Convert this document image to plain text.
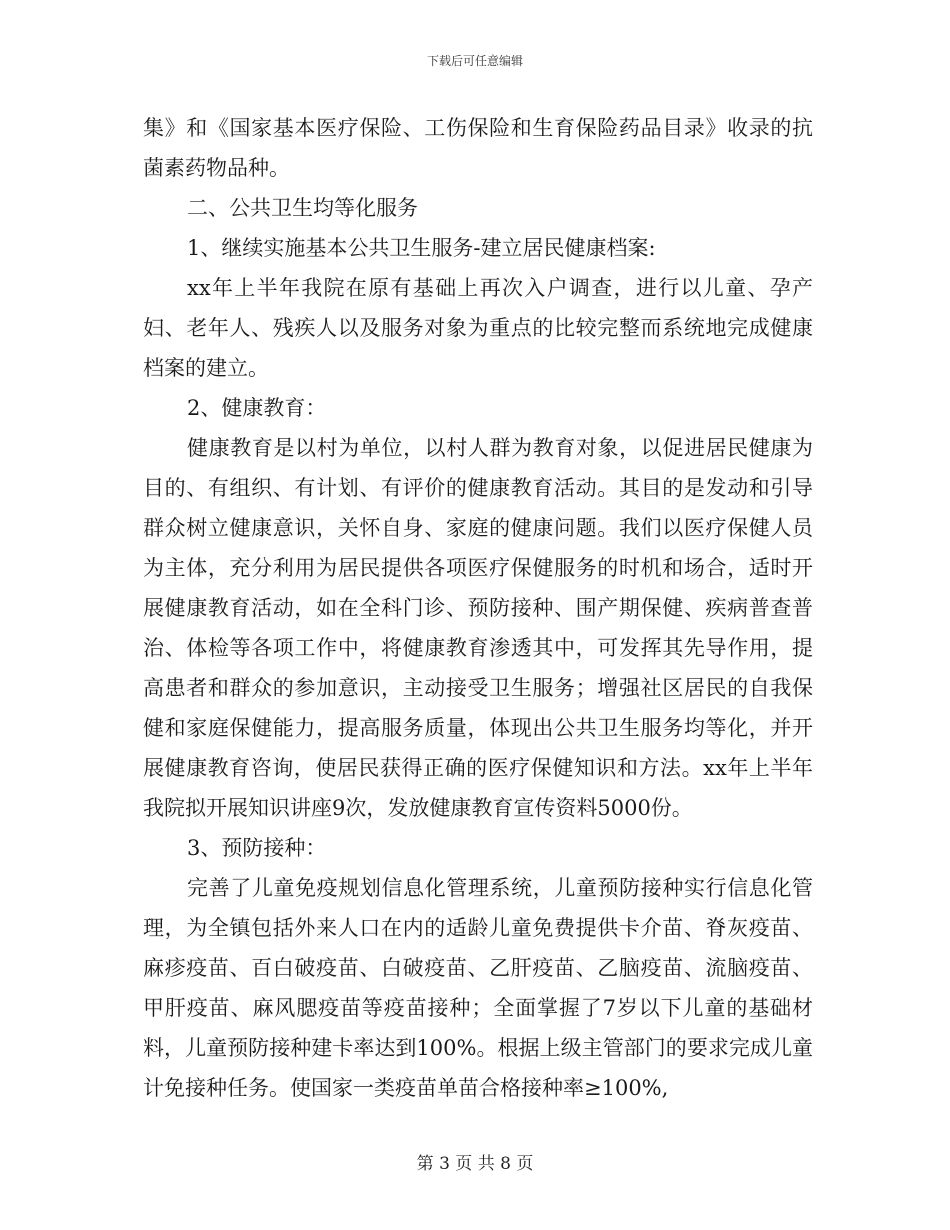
下载后可任意编辑

集》和《国家基本医疗保险、工伤保险和生育保险药品目录》收录的抗菌素药物品种。

二、公共卫生均等化服务

1、继续实施基本公共卫生服务-建立居民健康档案:

xx年上半年我院在原有基础上再次入户调查，进行以儿童、孕产妇、老年人、残疾人以及服务对象为重点的比较完整而系统地完成健康档案的建立。

2、健康教育：

健康教育是以村为单位，以村人群为教育对象，以促进居民健康为目的、有组织、有计划、有评价的健康教育活动。其目的是发动和引导群众树立健康意识，关怀自身、家庭的健康问题。我们以医疗保健人员为主体，充分利用为居民提供各项医疗保健服务的时机和场合，适时开展健康教育活动，如在全科门诊、预防接种、围产期保健、疾病普查普治、体检等各项工作中，将健康教育渗透其中，可发挥其先导作用，提高患者和群众的参加意识，主动接受卫生服务；增强社区居民的自我保健和家庭保健能力，提高服务质量，体现出公共卫生服务均等化，并开展健康教育咨询，使居民获得正确的医疗保健知识和方法。xx年上半年我院拟开展知识讲座9次，发放健康教育宣传资料5000份。

3、预防接种：

完善了儿童免疫规划信息化管理系统，儿童预防接种实行信息化管理，为全镇包括外来人口在内的适龄儿童免费提供卡介苗、脊灰疫苗、麻疹疫苗、百白破疫苗、白破疫苗、乙肝疫苗、乙脑疫苗、流脑疫苗、甲肝疫苗、麻风腮疫苗等疫苗接种；全面掌握了7岁以下儿童的基础材料，儿童预防接种建卡率达到100%。根据上级主管部门的要求完成儿童计免接种任务。使国家一类疫苗单苗合格接种率≥100%,

第 3 页 共 8 页
